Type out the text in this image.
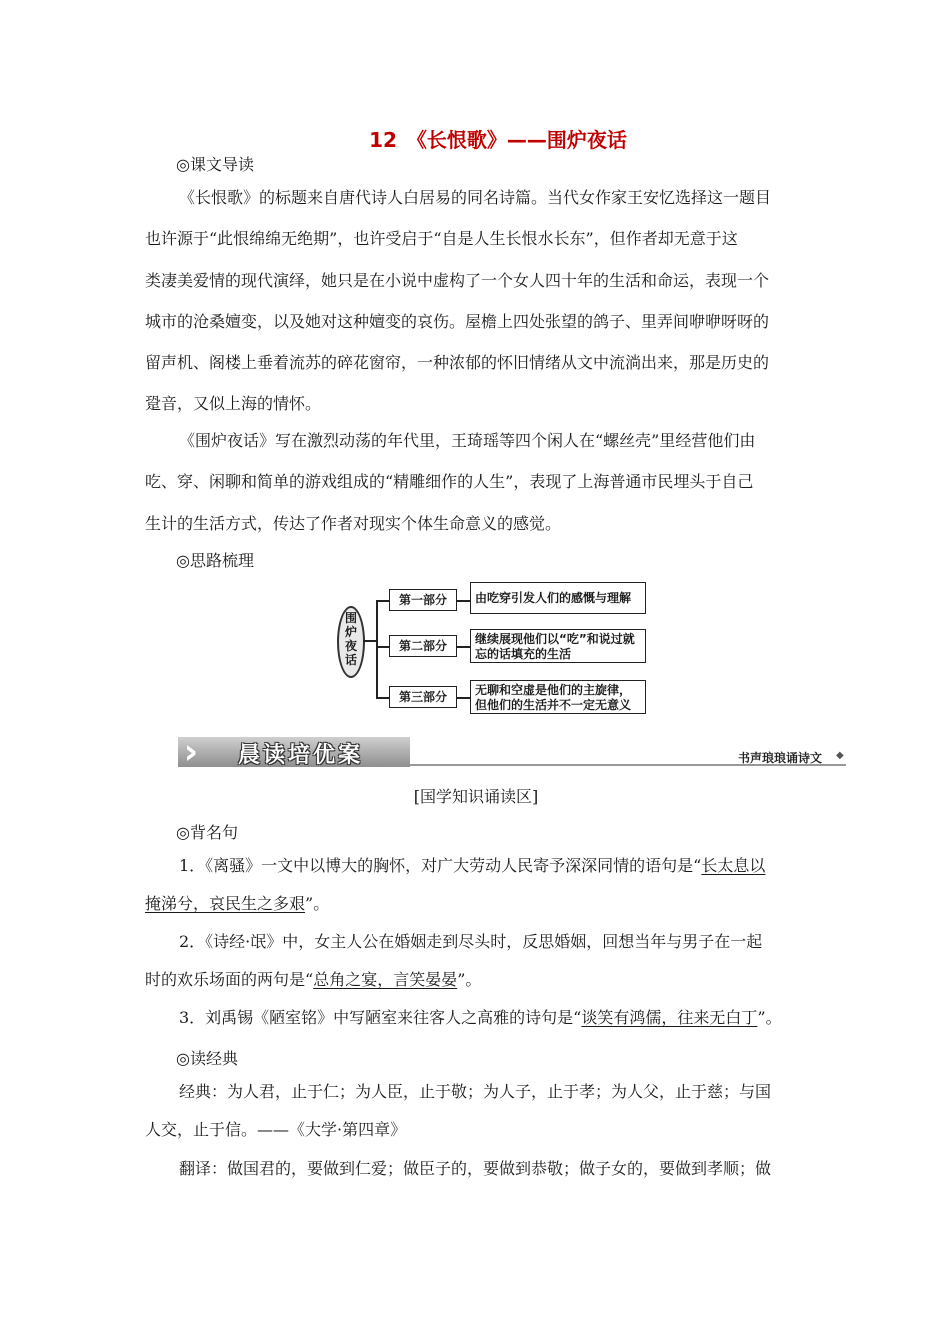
12　《长恨歌》——围炉夜话
◎课文导读
《长恨歌》的标题来自唐代诗人白居易的同名诗篇。当代女作家王安忆选择这一题目
也许源于“此恨绵绵无绝期”，也许受启于“自是人生长恨水长东”，但作者却无意于这
类凄美爱情的现代演绎，她只是在小说中虚构了一个女人四十年的生活和命运，表现一个
城市的沧桑嬗变，以及她对这种嬗变的哀伤。屋檐上四处张望的鸽子、里弄间咿咿呀呀的
留声机、阁楼上垂着流苏的碎花窗帘，一种浓郁的怀旧情绪从文中流淌出来，那是历史的
跫音，又似上海的情怀。
《围炉夜话》写在激烈动荡的年代里，王琦瑶等四个闲人在“螺丝壳”里经营他们由
吃、穿、闲聊和简单的游戏组成的“精雕细作的人生”，表现了上海普通市民埋头于自己
生计的生活方式，传达了作者对现实个体生命意义的感觉。
◎思路梳理
围炉夜话
第一部分	由吃穿引发人们的感慨与理解
第二部分	继续展现他们以“吃”和说过就忘的话填充的生活
第三部分	无聊和空虚是他们的主旋律，但他们的生活并不一定无意义
›› 晨读培优案	书声琅琅诵诗文 ◆
[国学知识诵读区]
◎背名句
1．《离骚》一文中以博大的胸怀，对广大劳动人民寄予深深同情的语句是“长太息以
掩涕兮，哀民生之多艰”。
2．《诗经·氓》中，女主人公在婚姻走到尽头时，反思婚姻，回想当年与男子在一起
时的欢乐场面的两句是“总角之宴，言笑晏晏”。
3．刘禹锡《陋室铭》中写陋室来往客人之高雅的诗句是“谈笑有鸿儒，往来无白丁”。
◎读经典
经典：为人君，止于仁；为人臣，止于敬；为人子，止于孝；为人父，止于慈；与国
人交，止于信。——《大学·第四章》
翻译：做国君的，要做到仁爱；做臣子的，要做到恭敬；做子女的，要做到孝顺；做
